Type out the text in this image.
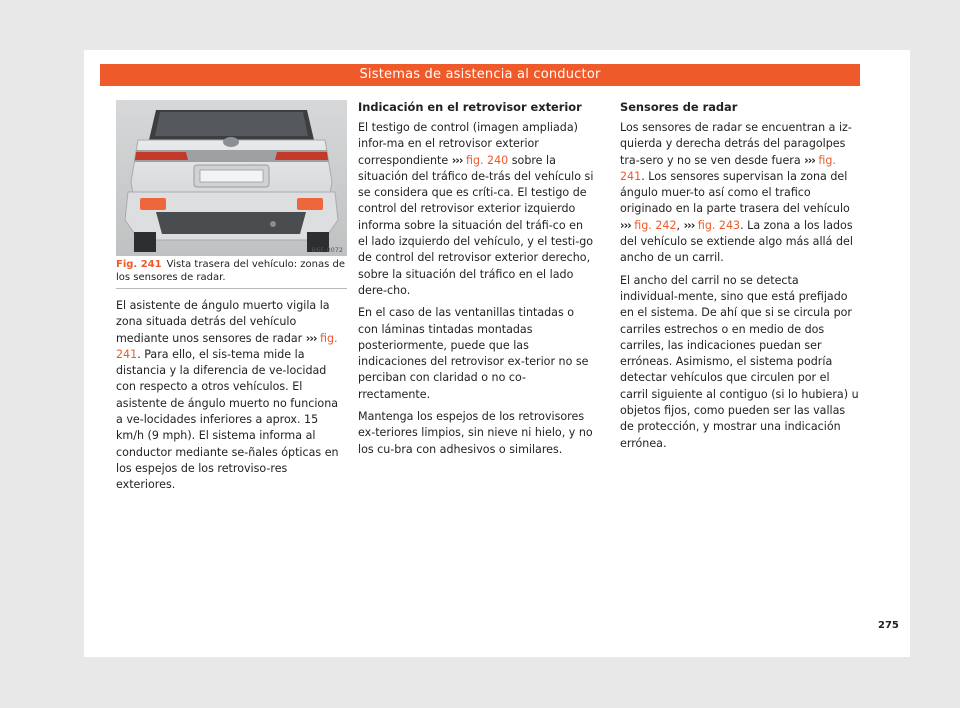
Sistemas de asistencia al conductor
B6F-0072
Fig. 241 Vista trasera del vehículo: zonas de los sensores de radar.

El asistente de ángulo muerto vigila la zona situada detrás del vehículo mediante unos sensores de radar ››› fig. 241. Para ello, el sis-tema mide la distancia y la diferencia de ve-locidad con respecto a otros vehículos. El asistente de ángulo muerto no funciona a ve-locidades inferiores a aprox. 15 km/h (9 mph). El sistema informa al conductor mediante se-ñales ópticas en los espejos de los retroviso-res exteriores.

Indicación en el retrovisor exterior

El testigo de control (imagen ampliada) infor-ma en el retrovisor exterior correspondiente ››› fig. 240 sobre la situación del tráfico de-trás del vehículo si se considera que es críti-ca. El testigo de control del retrovisor exterior izquierdo informa sobre la situación del tráfi-co en el lado izquierdo del vehículo, y el testi-go de control del retrovisor exterior derecho, sobre la situación del tráfico en el lado dere-cho.

En el caso de las ventanillas tintadas o con láminas tintadas montadas posteriormente, puede que las indicaciones del retrovisor ex-terior no se perciban con claridad o no co-rrectamente.

Mantenga los espejos de los retrovisores ex-teriores limpios, sin nieve ni hielo, y no los cu-bra con adhesivos o similares.

Sensores de radar

Los sensores de radar se encuentran a iz-quierda y derecha detrás del paragolpes tra-sero y no se ven desde fuera ››› fig. 241. Los sensores supervisan la zona del ángulo muer-to así como el trafico originado en la parte trasera del vehículo ››› fig. 242, ››› fig. 243. La zona a los lados del vehículo se extiende algo más allá del ancho de un carril.

El ancho del carril no se detecta individual-mente, sino que está prefijado en el sistema. De ahí que si se circula por carriles estrechos o en medio de dos carriles, las indicaciones puedan ser erróneas. Asimismo, el sistema podría detectar vehículos que circulen por el carril siguiente al contiguo (si lo hubiera) u objetos fijos, como pueden ser las vallas de protección, y mostrar una indicación errónea.

275
